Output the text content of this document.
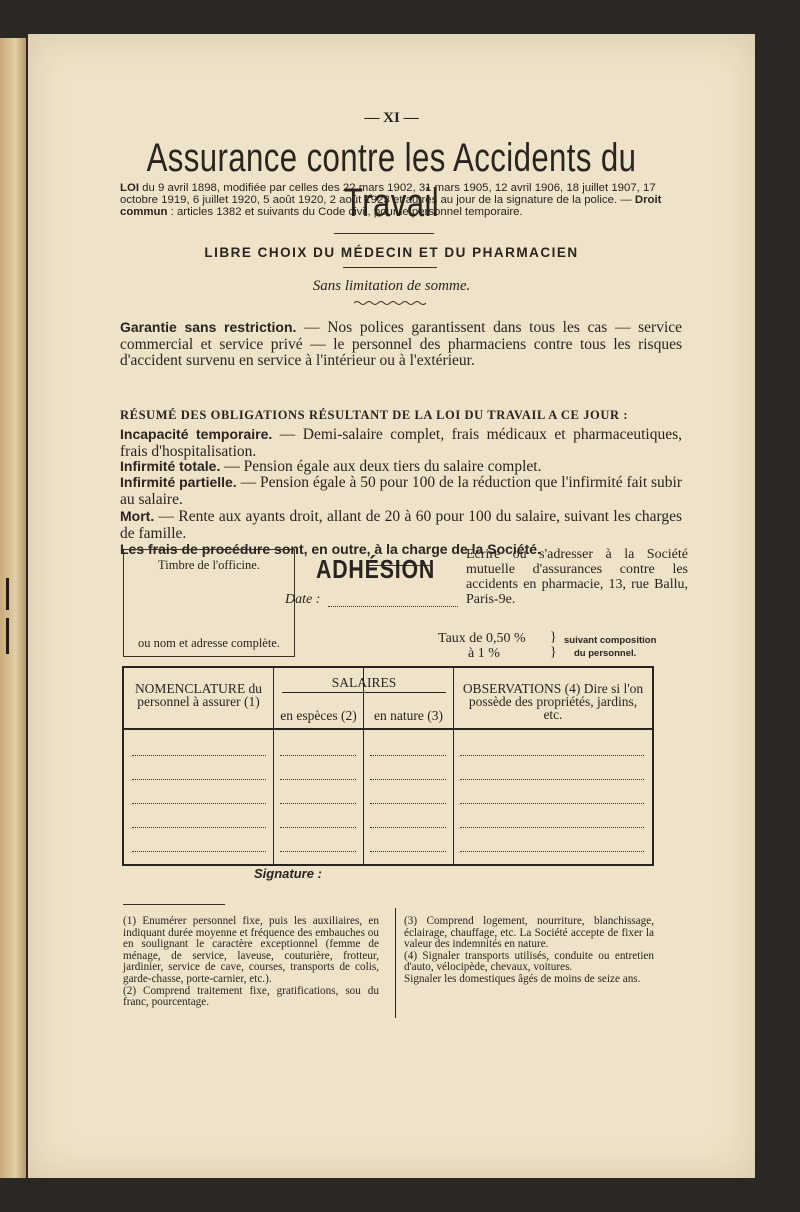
— XI —
Assurance contre les Accidents du Travail
LOI du 9 avril 1898, modifiée par celles des 22 mars 1902, 31 mars 1905, 12 avril 1906, 18 juillet 1907, 17 octobre 1919, 6 juillet 1920, 5 août 1920, 2 août 1923 et autres au jour de la signature de la police. — Droit commun : articles 1382 et suivants du Code civil, pour le personnel temporaire.
LIBRE CHOIX DU MÉDECIN ET DU PHARMACIEN
Sans limitation de somme.
Garantie sans restriction. — Nos polices garantissent dans tous les cas — service commercial et service privé — le personnel des pharmaciens contre tous les risques d'accident survenu en service à l'intérieur ou à l'extérieur.
RÉSUMÉ DES OBLIGATIONS RÉSULTANT DE LA LOI DU TRAVAIL A CE JOUR :
Incapacité temporaire. — Demi-salaire complet, frais médicaux et pharmaceutiques, frais d'hospitalisation.
Infirmité totale. — Pension égale aux deux tiers du salaire complet.
Infirmité partielle. — Pension égale à 50 pour 100 de la réduction que l'infirmité fait subir au salaire.
Mort. — Rente aux ayants droit, allant de 20 à 60 pour 100 du salaire, suivant les charges de famille.
Les frais de procédure sont, en outre, à la charge de la Société.
Timbre de l'officine.
ou nom et adresse complète.
ADHÉSION
Date :
Ecrire ou s'adresser à la Société mutuelle d'assurances contre les accidents en pharmacie, 13, rue Ballu, Paris-9e.
Taux de 0,50 %
à 1 %
}
}
suivant composition
du personnel.
NOMENCLATURE du personnel à assurer (1)
SALAIRES
en espèces (2)	en nature (3)
OBSERVATIONS (4) Dire si l'on possède des propriétés, jardins, etc.
Signature :
(1) Enumérer personnel fixe, puis les auxiliaires, en indiquant durée moyenne et fréquence des embauches ou en soulignant le caractère exceptionnel (femme de ménage, de service, laveuse, couturière, frotteur, jardinier, service de cave, courses, transports de colis, garde-chasse, porte-carnier, etc.).
(2) Comprend traitement fixe, gratifications, sou du franc, pourcentage.
(3) Comprend logement, nourriture, blanchissage, éclairage, chauffage, etc. La Société accepte de fixer la valeur des indemnités en nature.
(4) Signaler transports utilisés, conduite ou entretien d'auto, vélocipède, chevaux, voitures.
Signaler les domestiques âgés de moins de seize ans.
